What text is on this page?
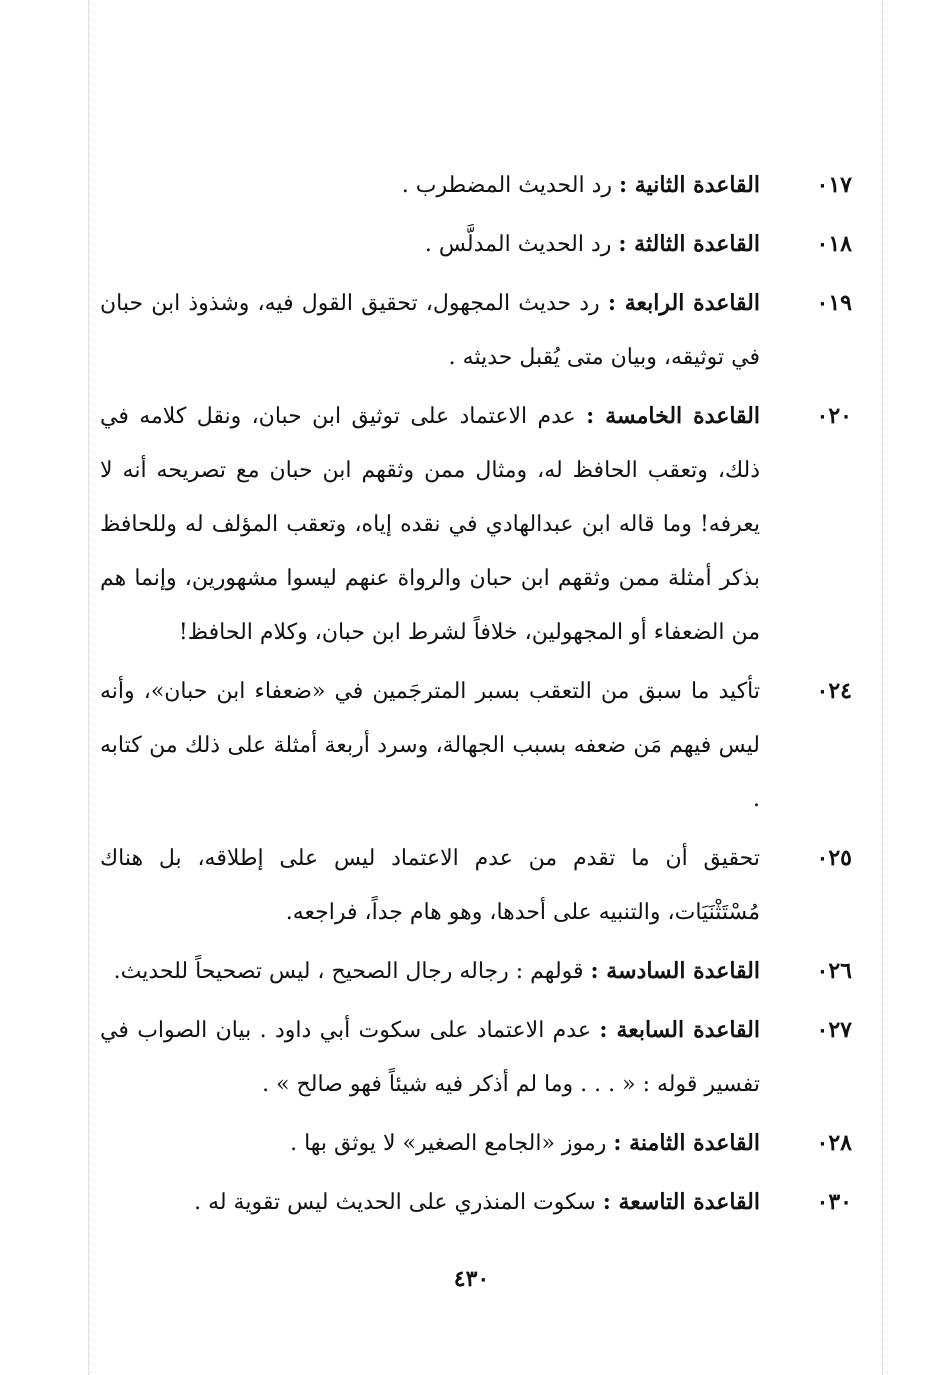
٠١٧
القاعدة الثانية : رد الحديث المضطرب .
٠١٨
القاعدة الثالثة : رد الحديث المدلَّس .
٠١٩
القاعدة الرابعة : رد حديث المجهول، تحقيق القول فيه، وشذوذ ابن حبان في توثيقه، وبيان متى يُقبل حديثه .
٠٢٠
القاعدة الخامسة : عدم الاعتماد على توثيق ابن حبان، ونقل كلامه في ذلك، وتعقب الحافظ له، ومثال ممن وثقهم ابن حبان مع تصريحه أنه لا يعرفه! وما قاله ابن عبدالهادي في نقده إياه، وتعقب المؤلف له وللحافظ بذكر أمثلة ممن وثقهم ابن حبان والرواة عنهم ليسوا مشهورين، وإنما هم من الضعفاء أو المجهولين، خلافاً لشرط ابن حبان، وكلام الحافظ!
٠٢٤
تأكيد ما سبق من التعقب بسبر المترجَمين في «ضعفاء ابن حبان»، وأنه ليس فيهم مَن ضعفه بسبب الجهالة، وسرد أربعة أمثلة على ذلك من كتابه .
٠٢٥
تحقيق أن ما تقدم من عدم الاعتماد ليس على إطلاقه، بل هناك مُسْتَثْنَيَات، والتنبيه على أحدها، وهو هام جداً، فراجعه.
٠٢٦
القاعدة السادسة : قولهم : رجاله رجال الصحيح ، ليس تصحيحاً للحديث.
٠٢٧
القاعدة السابعة : عدم الاعتماد على سكوت أبي داود . بيان الصواب في تفسير قوله : « . . . وما لم أذكر فيه شيئاً فهو صالح » .
٠٢٨
القاعدة الثامنة : رموز «الجامع الصغير» لا يوثق بها .
٠٣٠
القاعدة التاسعة : سكوت المنذري على الحديث ليس تقوية له .
٤٣٠
